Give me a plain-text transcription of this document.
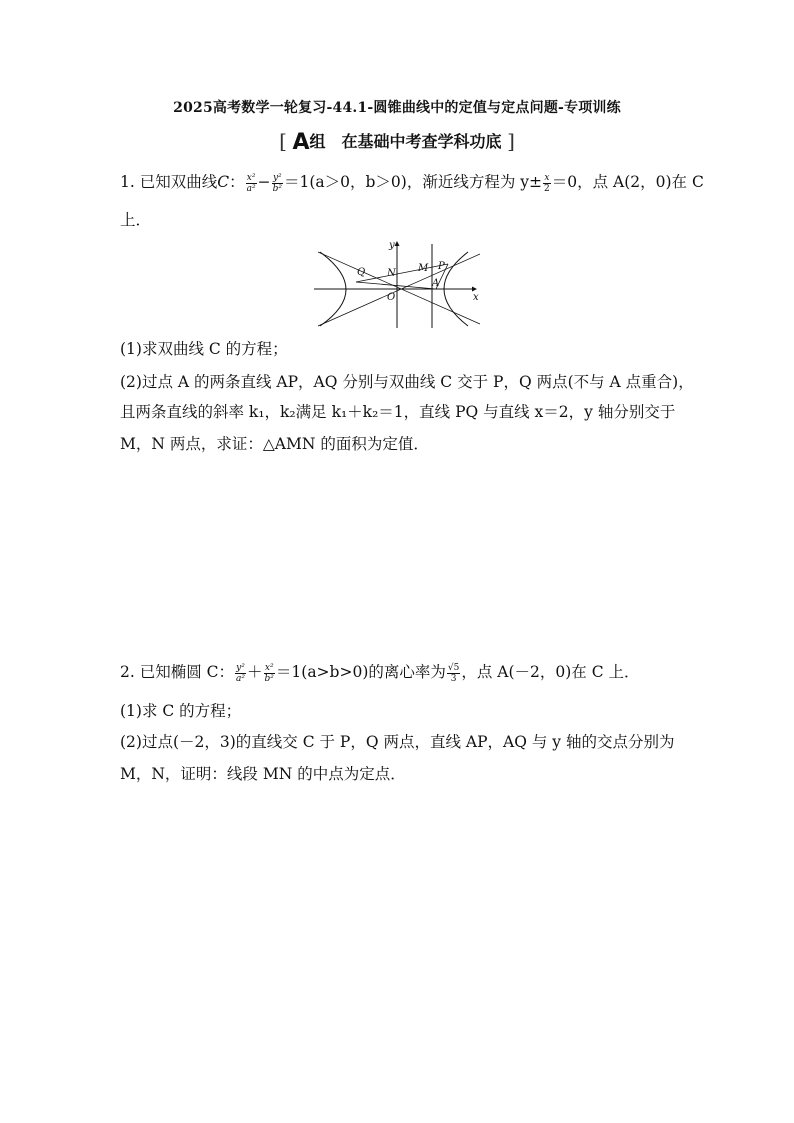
2025高考数学一轮复习-44.1-圆锥曲线中的定值与定点问题-专项训练
[ A组　在基础中考查学科功底 ]
1. 已知双曲线C： $\frac{\text{x²}}{\text{a²}} - \frac{\text{y²}}{\text{b²}} =1(a>0$，b＞0)，渐近线方程为 $y\pm \frac{x}{2} =0$，点 A(2，0)在 C
上．
y
x
Q N M P
O
A
(1)求双曲线 C 的方程；
(2)过点 A 的两条直线 AP，AQ 分别与双曲线 C 交于 P，Q 两点(不与 A 点重合)，
且两条直线的斜率 k₁，k₂满足 k₁＋k₂＝1，直线 PQ 与直线 x＝2，y 轴分别交于
M，N 两点，求证：△AMN 的面积为定值．
2. 已知椭圆 C： $\frac{\text{y²}}{\text{a²}} + \frac{\text{x²}}{\text{b²}} =1(a>b>0)$的离心率为 $\frac{√5}{3}$ ，点 A(－2，0)在 C 上．
(1)求 C 的方程；
(2)过点(－2，3)的直线交 C 于 P，Q 两点，直线 AP，AQ 与 y 轴的交点分别为
M，N，证明：线段 MN 的中点为定点．
